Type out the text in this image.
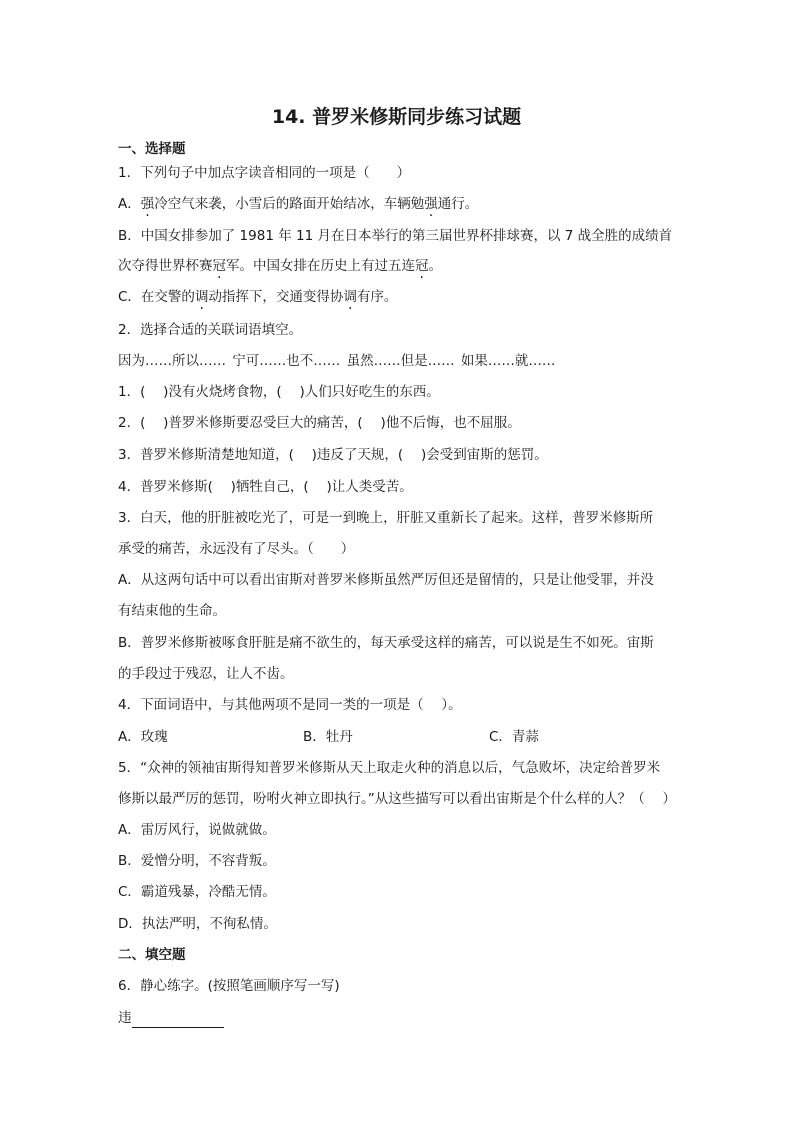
14. 普罗米修斯同步练习试题
一、选择题
1．下列句子中加点字读音相同的一项是（　　）
A．强冷空气来袭，小雪后的路面开始结冰，车辆勉强通行。
B．中国女排参加了 1981 年 11 月在日本举行的第三届世界杯排球赛，以 7 战全胜的成绩首
次夺得世界杯赛冠军。中国女排在历史上有过五连冠。
C．在交警的调动指挥下，交通变得协调有序。
2．选择合适的关联词语填空。
因为……所以…… 宁可……也不…… 虽然……但是…… 如果……就……
1．(　 )没有火烧烤食物，(　 )人们只好吃生的东西。
2．(　 )普罗米修斯要忍受巨大的痛苦，(　 )他不后悔，也不屈服。
3．普罗米修斯清楚地知道，(　 )违反了天规，(　 )会受到宙斯的惩罚。
4．普罗米修斯(　 )牺牲自己，(　 )让人类受苦。
3．白天，他的肝脏被吃光了，可是一到晚上，肝脏又重新长了起来。这样，普罗米修斯所
承受的痛苦，永远没有了尽头。（　　）
A．从这两句话中可以看出宙斯对普罗米修斯虽然严厉但还是留情的，只是让他受罪，并没
有结束他的生命。
B．普罗米修斯被啄食肝脏是痛不欲生的，每天承受这样的痛苦，可以说是生不如死。宙斯
的手段过于残忍，让人不齿。
4．下面词语中，与其他两项不是同一类的一项是（　 ）。
A．玫瑰	B．牡丹	C．青蒜
5．“众神的领袖宙斯得知普罗米修斯从天上取走火种的消息以后，气急败坏，决定给普罗米
修斯以最严厉的惩罚，吩咐火神立即执行。”从这些描写可以看出宙斯是个什么样的人？（　 ）
A．雷厉风行，说做就做。
B．爱憎分明，不容背叛。
C．霸道残暴，冷酷无情。
D．执法严明，不徇私情。
二、填空题
6．静心练字。(按照笔画顺序写一写)
违
